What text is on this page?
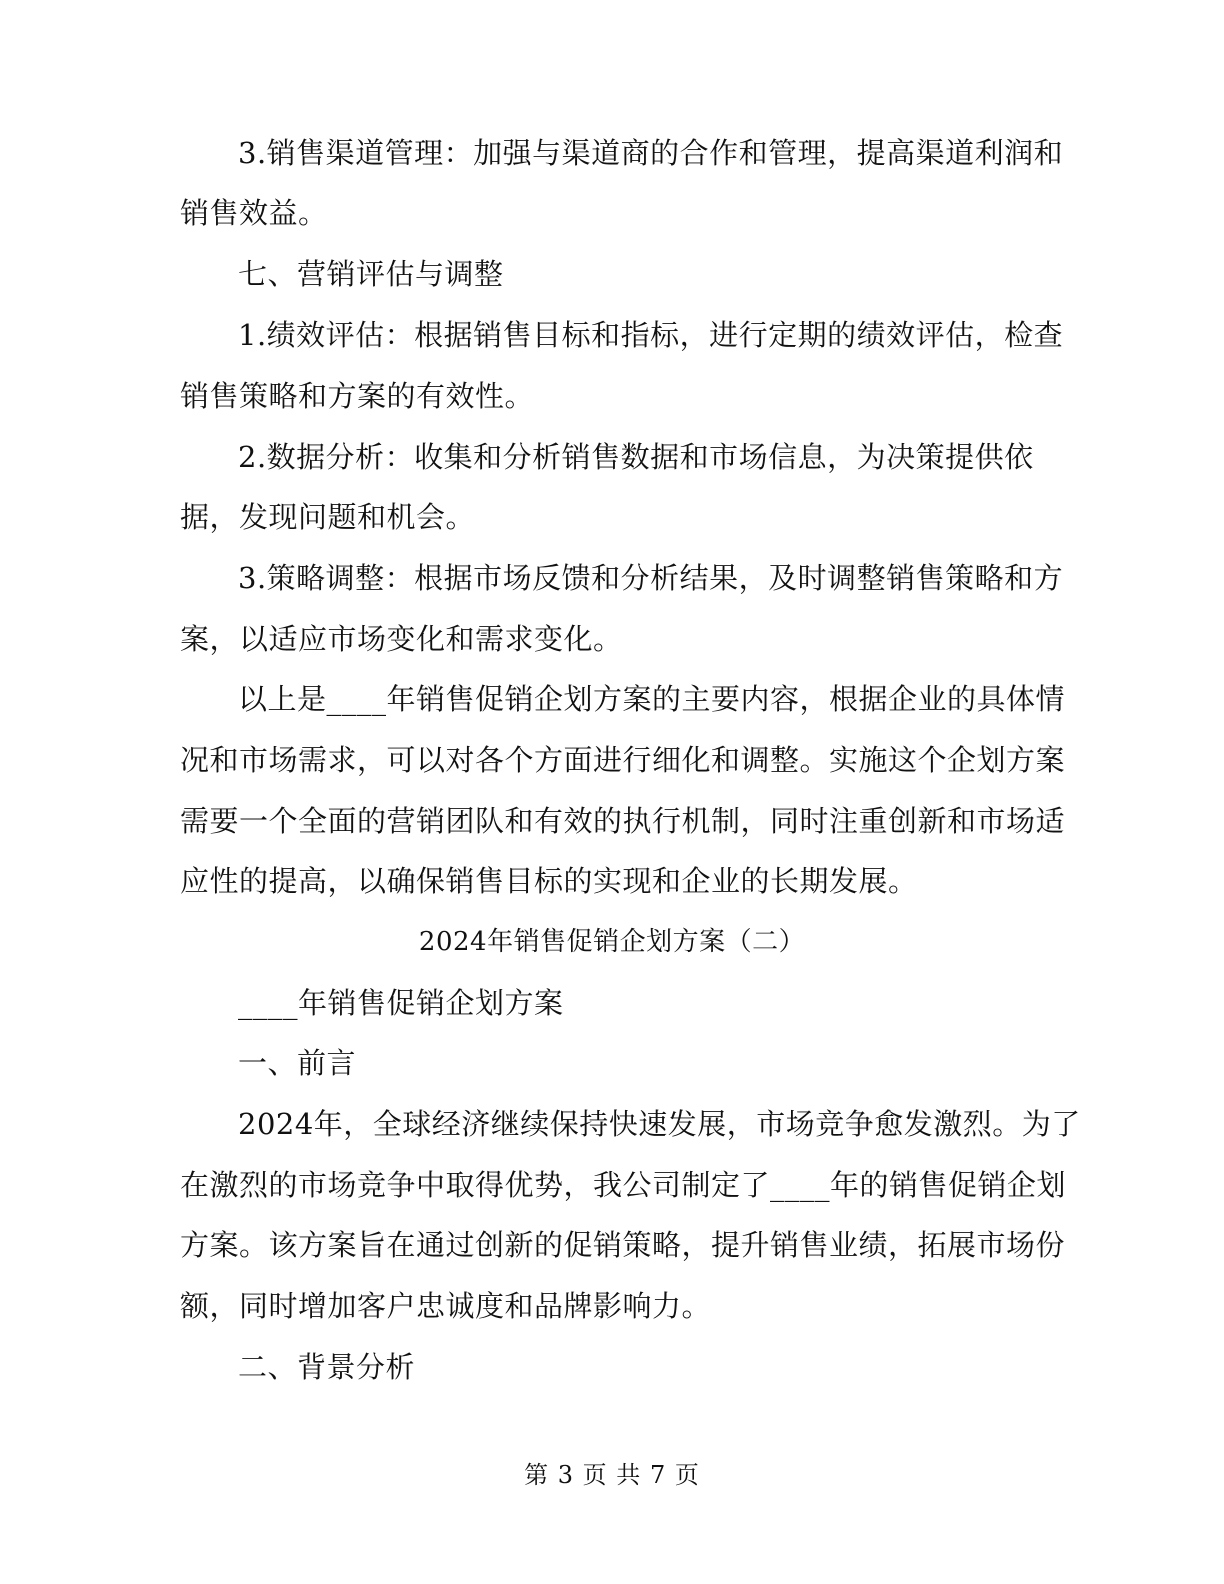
3.销售渠道管理：加强与渠道商的合作和管理，提高渠道利润和
销售效益。
七、营销评估与调整
1.绩效评估：根据销售目标和指标，进行定期的绩效评估，检查
销售策略和方案的有效性。
2.数据分析：收集和分析销售数据和市场信息，为决策提供依
据，发现问题和机会。
3.策略调整：根据市场反馈和分析结果，及时调整销售策略和方
案，以适应市场变化和需求变化。
以上是____年销售促销企划方案的主要内容，根据企业的具体情
况和市场需求，可以对各个方面进行细化和调整。实施这个企划方案
需要一个全面的营销团队和有效的执行机制，同时注重创新和市场适
应性的提高，以确保销售目标的实现和企业的长期发展。
2024年销售促销企划方案（二）
____年销售促销企划方案
一、前言
2024年，全球经济继续保持快速发展，市场竞争愈发激烈。为了
在激烈的市场竞争中取得优势，我公司制定了____年的销售促销企划
方案。该方案旨在通过创新的促销策略，提升销售业绩，拓展市场份
额，同时增加客户忠诚度和品牌影响力。
二、背景分析
第 3 页 共 7 页
